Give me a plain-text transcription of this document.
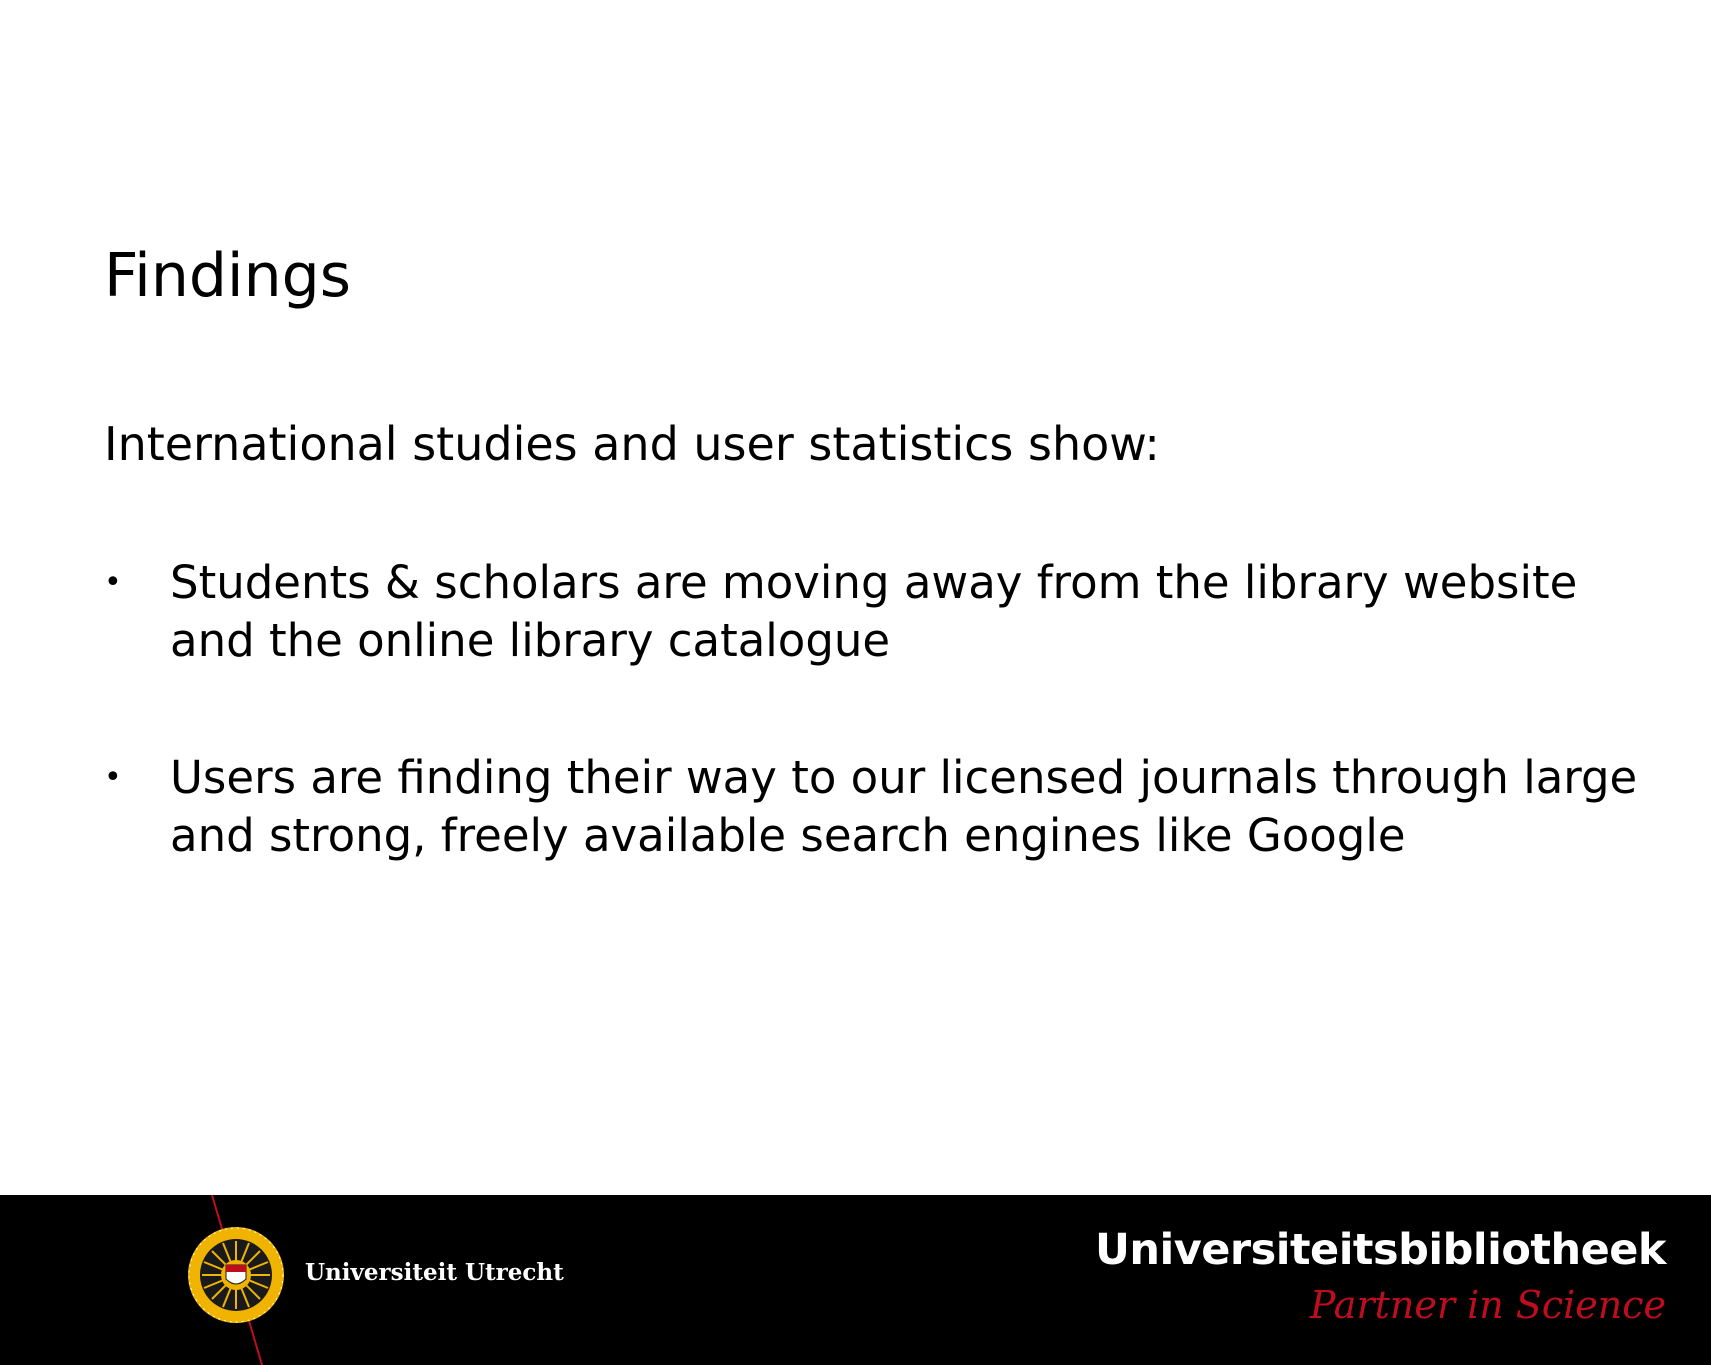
Findings

International studies and user statistics show:

• Students & scholars are moving away from the library website and the online library catalogue
• Users are finding their way to our licensed journals through large and strong, freely available search engines like Google
Universiteit Utrecht	Universiteitsbibliotheek
Partner in Science
